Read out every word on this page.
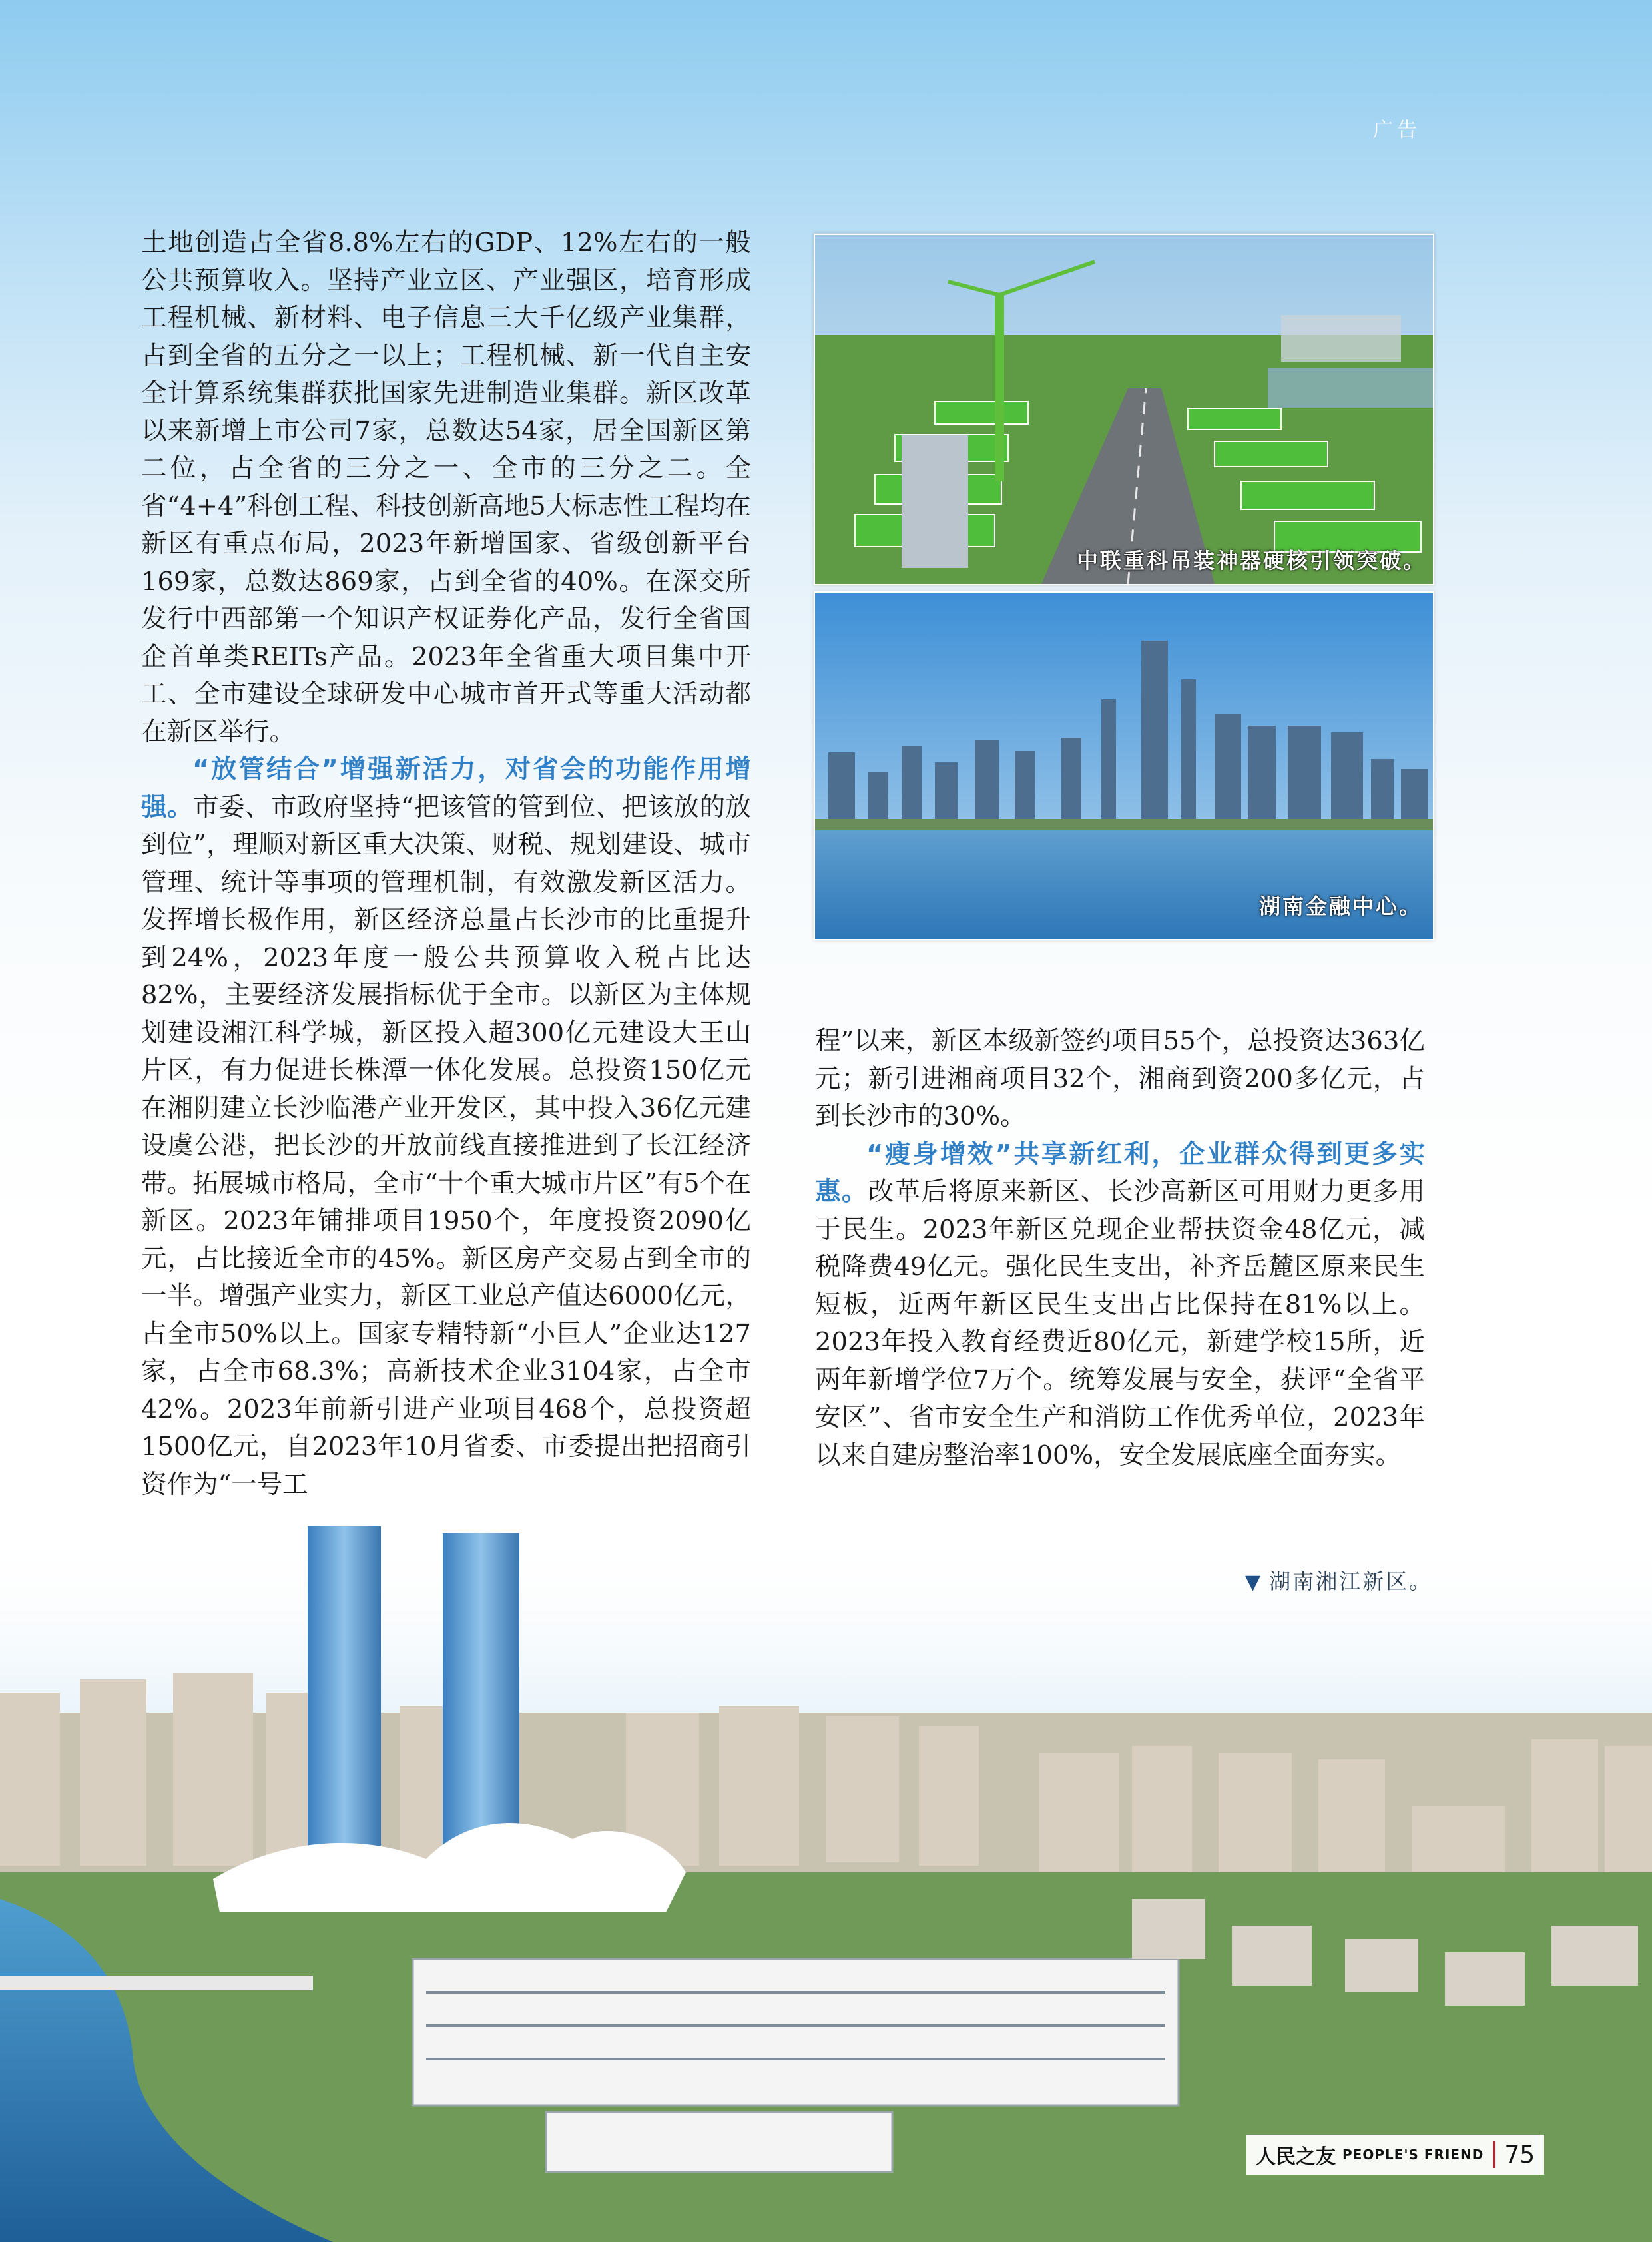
广告

土地创造占全省8.8%左右的GDP、12%左右的一般公共预算收入。坚持产业立区、产业强区，培育形成工程机械、新材料、电子信息三大千亿级产业集群，占到全省的五分之一以上；工程机械、新一代自主安全计算系统集群获批国家先进制造业集群。新区改革以来新增上市公司7家，总数达54家，居全国新区第二位，占全省的三分之一、全市的三分之二。全省“4+4”科创工程、科技创新高地5大标志性工程均在新区有重点布局，2023年新增国家、省级创新平台169家，总数达869家，占到全省的40%。在深交所发行中西部第一个知识产权证券化产品，发行全省国企首单类REITs产品。2023年全省重大项目集中开工、全市建设全球研发中心城市首开式等重大活动都在新区举行。

“放管结合”增强新活力，对省会的功能作用增强。市委、市政府坚持“把该管的管到位、把该放的放到位”，理顺对新区重大决策、财税、规划建设、城市管理、统计等事项的管理机制，有效激发新区活力。发挥增长极作用，新区经济总量占长沙市的比重提升到24%，2023年度一般公共预算收入税占比达82%，主要经济发展指标优于全市。以新区为主体规划建设湘江科学城，新区投入超300亿元建设大王山片区，有力促进长株潭一体化发展。总投资150亿元在湘阴建立长沙临港产业开发区，其中投入36亿元建设虞公港，把长沙的开放前线直接推进到了长江经济带。拓展城市格局，全市“十个重大城市片区”有5个在新区。2023年铺排项目1950个，年度投资2090亿元，占比接近全市的45%。新区房产交易占到全市的一半。增强产业实力，新区工业总产值达6000亿元，占全市50%以上。国家专精特新“小巨人”企业达127家，占全市68.3%；高新技术企业3104家，占全市42%。2023年前新引进产业项目468个，总投资超1500亿元，自2023年10月省委、市委提出把招商引资作为“一号工

程”以来，新区本级新签约项目55个，总投资达363亿元；新引进湘商项目32个，湘商到资200多亿元，占到长沙市的30%。

“瘦身增效”共享新红利，企业群众得到更多实惠。改革后将原来新区、长沙高新区可用财力更多用于民生。2023年新区兑现企业帮扶资金48亿元，减税降费49亿元。强化民生支出，补齐岳麓区原来民生短板，近两年新区民生支出占比保持在81%以上。2023年投入教育经费近80亿元，新建学校15所，近两年新增学位7万个。统筹发展与安全，获评“全省平安区”、省市安全生产和消防工作优秀单位，2023年以来自建房整治率100%，安全发展底座全面夯实。

中联重科吊装神器硬核引领突破。
湖南金融中心。
▼ 湖南湘江新区。
人民之友 PEOPLE'S FRIEND 75
